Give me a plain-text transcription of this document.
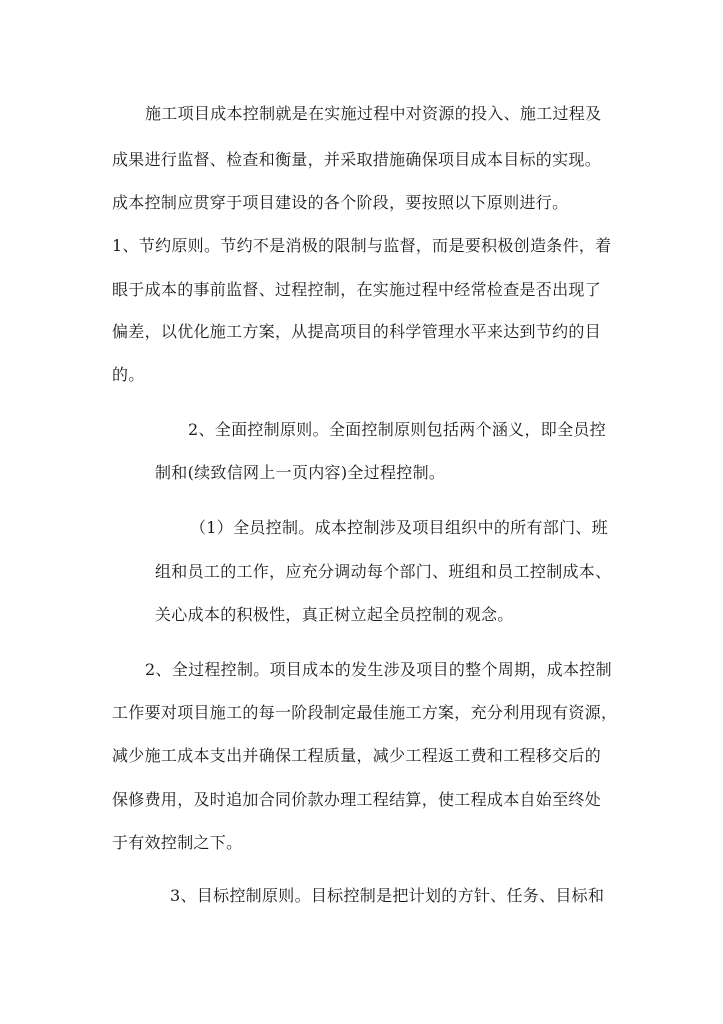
施工项目成本控制就是在实施过程中对资源的投入、施工过程及
成果进行监督、检查和衡量，并采取措施确保项目成本目标的实现。
成本控制应贯穿于项目建设的各个阶段，要按照以下原则进行。
1、节约原则。节约不是消极的限制与监督，而是要积极创造条件，着
眼于成本的事前监督、过程控制，在实施过程中经常检查是否出现了
偏差，以优化施工方案，从提高项目的科学管理水平来达到节约的目
的。
2、全面控制原则。全面控制原则包括两个涵义，即全员控
制和(续致信网上一页内容)全过程控制。
（1）全员控制。成本控制涉及项目组织中的所有部门、班
组和员工的工作，应充分调动每个部门、班组和员工控制成本、
关心成本的积极性，真正树立起全员控制的观念。
2、全过程控制。项目成本的发生涉及项目的整个周期，成本控制
工作要对项目施工的每一阶段制定最佳施工方案，充分利用现有资源，
减少施工成本支出并确保工程质量，减少工程返工费和工程移交后的
保修费用，及时追加合同价款办理工程结算，使工程成本自始至终处
于有效控制之下。
3、目标控制原则。目标控制是把计划的方针、任务、目标和
